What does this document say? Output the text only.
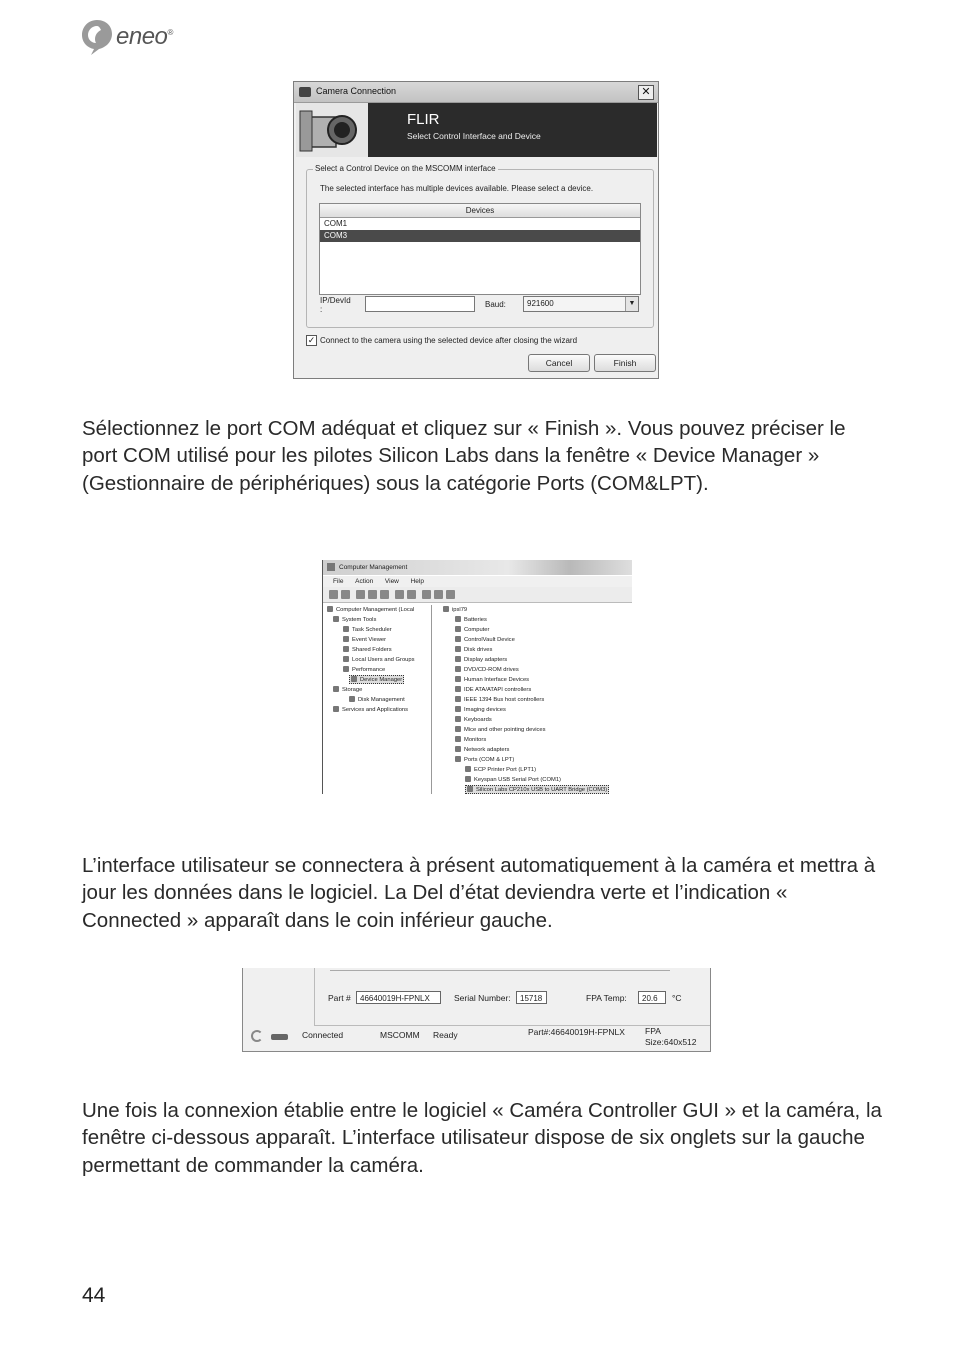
eneo®
Camera Connection	✕
FLIR
Select Control Interface and Device
Select a Control Device on the MSCOMM interface
The selected interface has multiple devices available. Please select a device.
Devices
COM1
COM3
IP/DevId
:
Baud:	921600	▼
✓ Connect to the camera using the selected device after closing the wizard
Cancel	Finish
Sélectionnez le port COM adéquat et cliquez sur « Finish ». Vous pouvez préciser le port COM utilisé pour les pilotes Silicon Labs dans la fenêtre « Device Manager » (Gestionnaire de périphériques) sous la catégorie Ports (COM&LPT).
Computer Management
File Action View Help
Computer Management (Local
System Tools
Task Scheduler
Event Viewer
Shared Folders
Local Users and Groups
Performance
Device Manager
Storage
Disk Management
Services and Applications
ipsl79
Batteries
Computer
ControlVault Device
Disk drives
Display adapters
DVD/CD-ROM drives
Human Interface Devices
IDE ATA/ATAPI controllers
IEEE 1394 Bus host controllers
Imaging devices
Keyboards
Mice and other pointing devices
Monitors
Network adapters
Ports (COM & LPT)
ECP Printer Port (LPT1)
Keyspan USB Serial Port (COM1)
Silicon Labs CP210x USB to UART Bridge (COM3)
L’interface utilisateur se connectera à présent automatiquement à la caméra et mettra à jour les données dans le logiciel. La Del d’état deviendra verte et l’indication « Connected » apparaît dans le coin inférieur gauche.
Part #	46640019H-FPNLX	Serial Number:	15718	FPA Temp:	20.6	°C
Connected	MSCOMM Ready	Part#:46640019H-FPNLX FPA
Size:640x512
Une fois la connexion établie entre le logiciel « Caméra Controller GUI » et la caméra, la fenêtre ci-dessous apparaît. L’interface utilisateur dispose de six onglets sur la gauche permettant de commander la caméra.
44
